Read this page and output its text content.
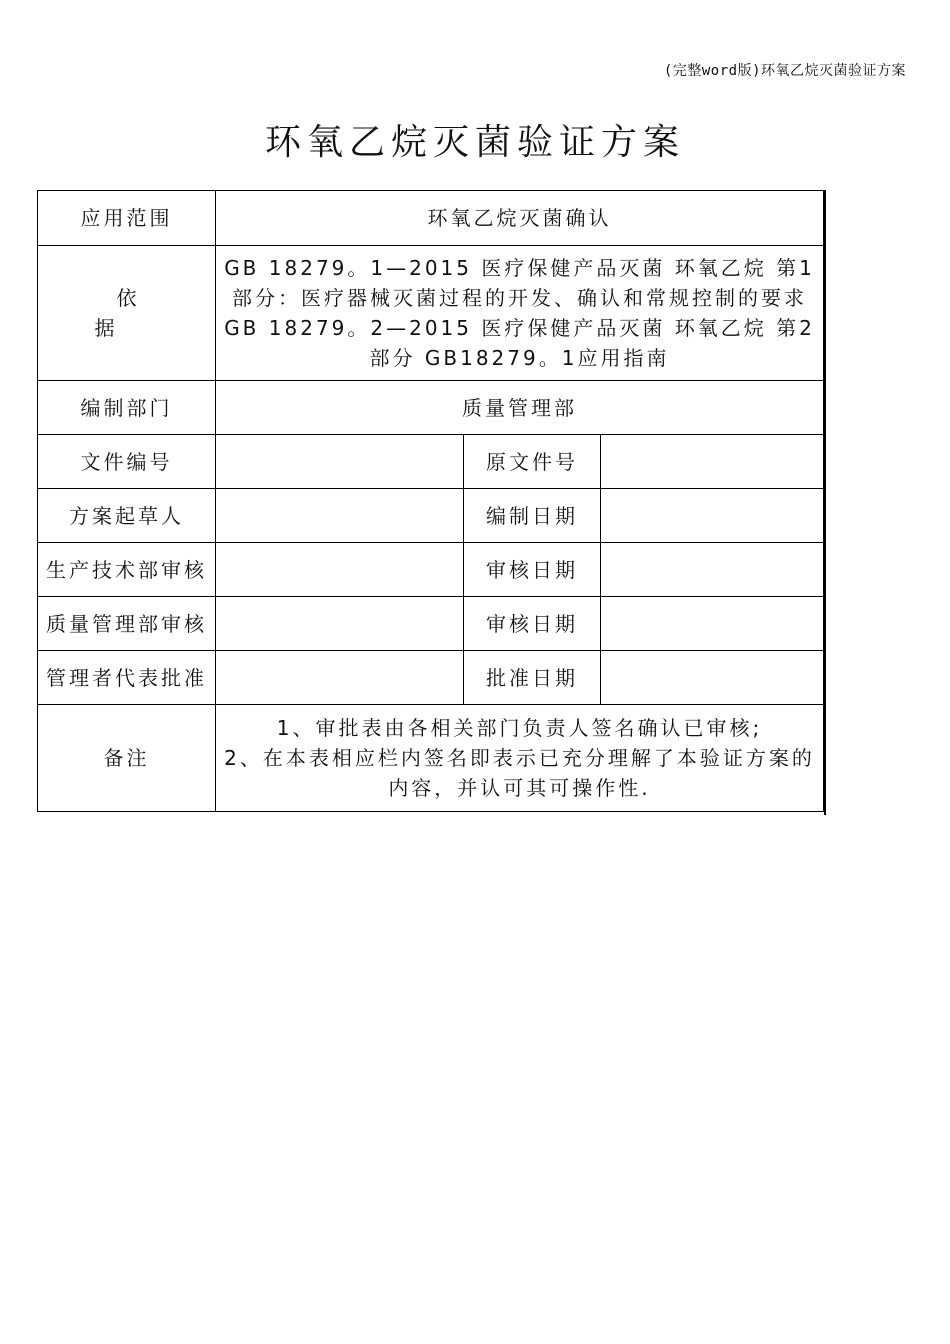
(完整word版)环氧乙烷灭菌验证方案
环氧乙烷灭菌验证方案
应用范围	环氧乙烷灭菌确认		
依据	GB 18279。1—2015 医疗保健产品灭菌 环氧乙烷 第1部分：医疗器械灭菌过程的开发、确认和常规控制的要求
GB 18279。2—2015 医疗保健产品灭菌 环氧乙烷 第2部分 GB18279。1应用指南		

编制部门	质量管理部		
文件编号		原文件号	
方案起草人		编制日期	
生产技术部审核		审核日期	
质量管理部审核		审核日期	
管理者代表批准		批准日期	
备注	1、审批表由各相关部门负责人签名确认已审核;
2、在本表相应栏内签名即表示已充分理解了本验证方案的内容，并认可其可操作性.		
